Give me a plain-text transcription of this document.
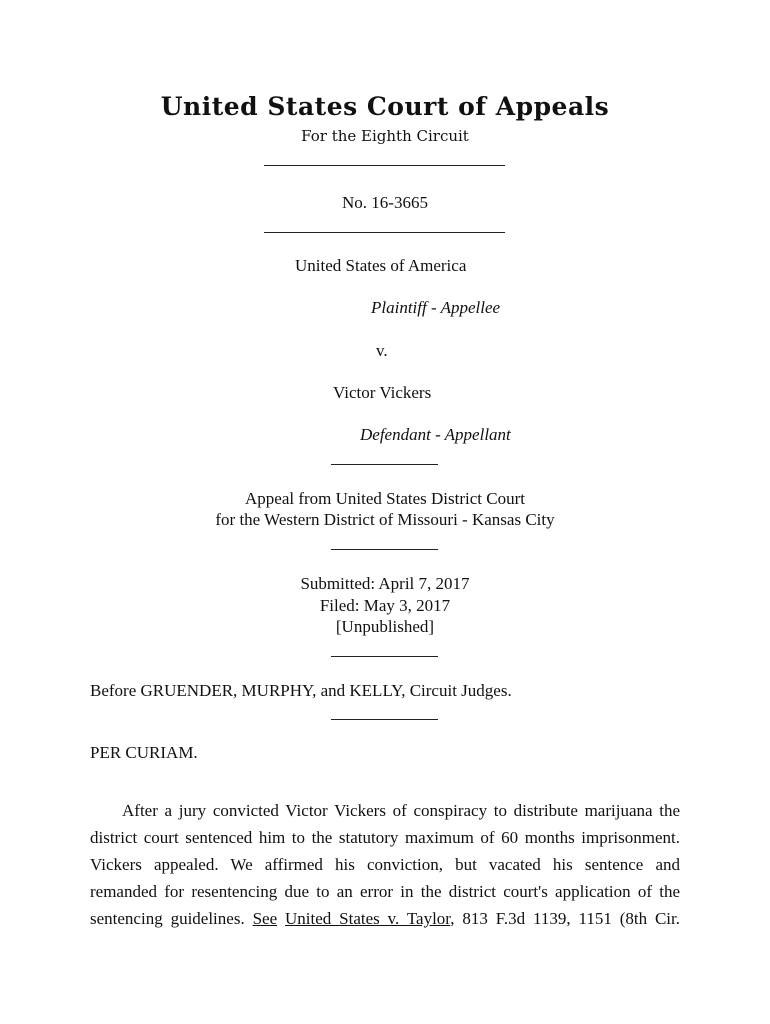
United States Court of Appeals
For the Eighth Circuit
No. 16-3665
United States of America
Plaintiff - Appellee
v.
Victor Vickers
Defendant - Appellant
Appeal from United States District Court
for the Western District of Missouri - Kansas City
Submitted: April 7, 2017
Filed: May 3, 2017
[Unpublished]
Before GRUENDER, MURPHY, and KELLY, Circuit Judges.
PER CURIAM.
After a jury convicted Victor Vickers of conspiracy to distribute marijuana the
district court sentenced him to the statutory maximum of 60 months imprisonment.
Vickers appealed. We affirmed his conviction, but vacated his sentence and
remanded for resentencing due to an error in the district court's application of the
sentencing guidelines. See United States v. Taylor, 813 F.3d 1139, 1151 (8th Cir.
